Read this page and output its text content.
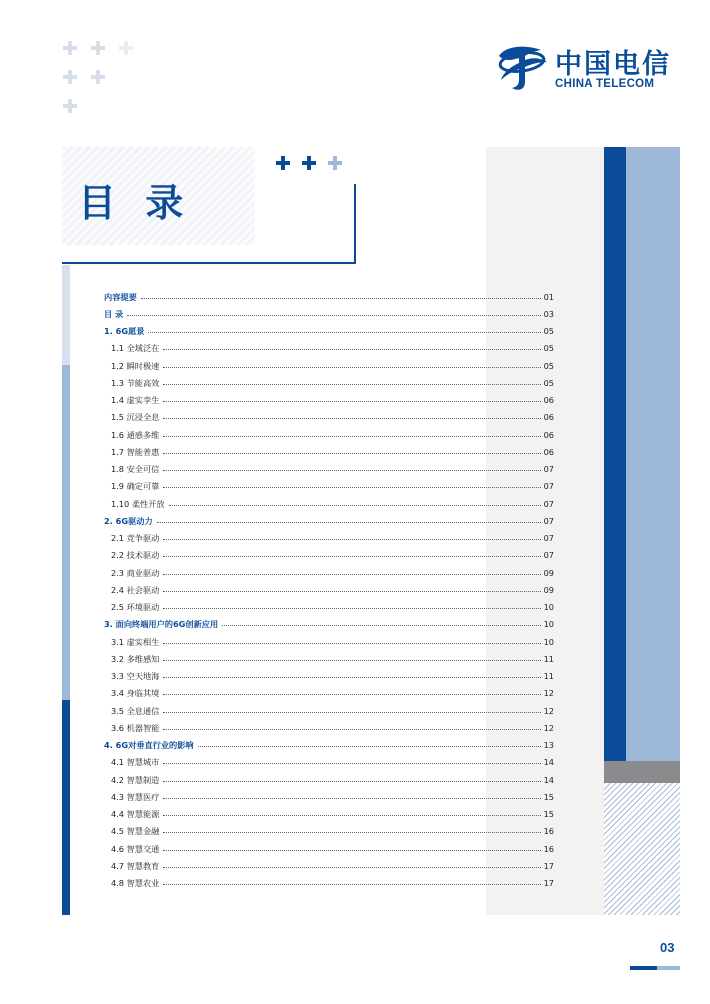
中国电信
CHINA TELECOM
目 录
内容提要	01
目 录	03
1. 6G愿景	05
1.1 全域泛在	05
1.2 瞬时极速	05
1.3 节能高效	05
1.4 虚实孪生	06
1.5 沉浸全息	06
1.6 通感多维	06
1.7 智能普惠	06
1.8 安全可信	07
1.9 确定可靠	07
1.10 柔性开放	07
2. 6G驱动力	07
2.1 竞争驱动	07
2.2 技术驱动	07
2.3 商业驱动	09
2.4 社会驱动	09
2.5 环境驱动	10
3. 面向终端用户的6G创新应用	10
3.1 虚实相生	10
3.2 多维感知	11
3.3 空天地海	11
3.4 身临其境	12
3.5 全息通信	12
3.6 机器智能	12
4. 6G对垂直行业的影响	13
4.1 智慧城市	14
4.2 智慧制造	14
4.3 智慧医疗	15
4.4 智慧能源	15
4.5 智慧金融	16
4.6 智慧交通	16
4.7 智慧教育	17
4.8 智慧农业	17
03
